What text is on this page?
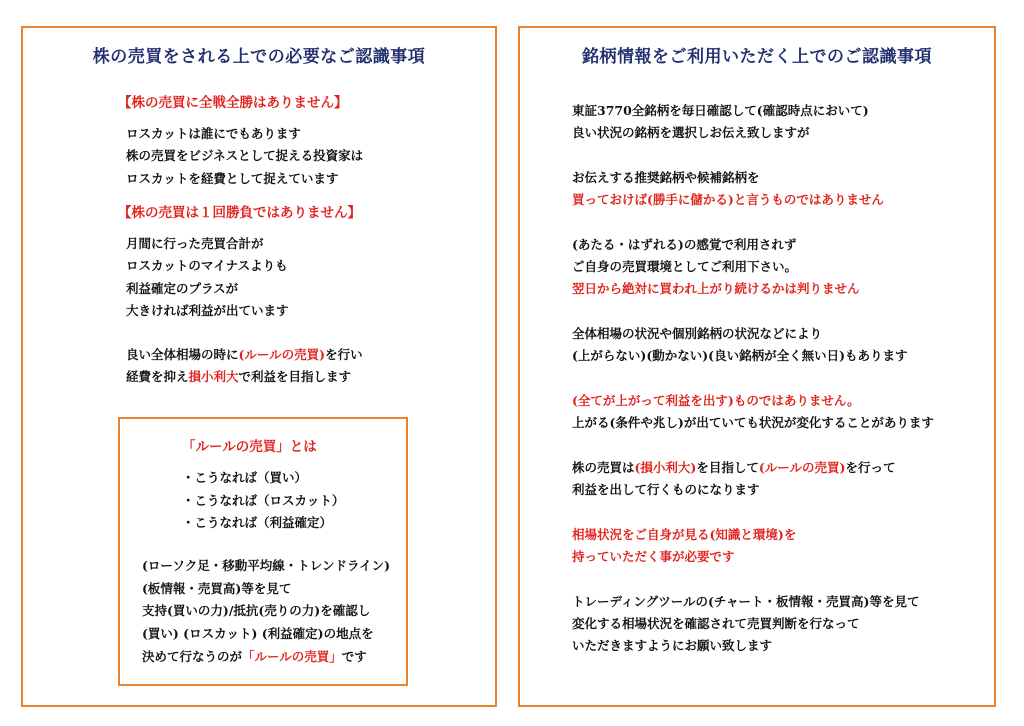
株の売買をされる上での必要なご認識事項
【株の売買に全戦全勝はありません】
ロスカットは誰にでもあります
株の売買をビジネスとして捉える投資家は
ロスカットを経費として捉えています
【株の売買は１回勝負ではありません】
月間に行った売買合計が
ロスカットのマイナスよりも
利益確定のプラスが
大きければ利益が出ています
良い全体相場の時に(ルールの売買)を行い
経費を抑え損小利大で利益を目指します
「ルールの売買」とは
・こうなれば（買い）
・こうなれば（ロスカット）
・こうなれば（利益確定）
(ローソク足・移動平均線・トレンドライン)
(板情報・売買高)等を見て
支持(買いの力)/抵抗(売りの力)を確認し
(買い) (ロスカット) (利益確定)の地点を
決めて行なうのが「ルールの売買」です
銘柄情報をご利用いただく上でのご認識事項
東証3770全銘柄を毎日確認して(確認時点において)
良い状況の銘柄を選択しお伝え致しますが

お伝えする推奨銘柄や候補銘柄を
買っておけば(勝手に儲かる)と言うものではありません

(あたる・はずれる)の感覚で利用されず
ご自身の売買環境としてご利用下さい。
翌日から絶対に買われ上がり続けるかは判りません

全体相場の状況や個別銘柄の状況などにより
(上がらない)(動かない)(良い銘柄が全く無い日)もあります

(全てが上がって利益を出す)ものではありません。
上がる(条件や兆し)が出ていても状況が変化することがあります

株の売買は(損小利大)を目指して(ルールの売買)を行って
利益を出して行くものになります

相場状況をご自身が見る(知識と環境)を
持っていただく事が必要です

トレーディングツールの(チャート・板情報・売買高)等を見て
変化する相場状況を確認されて売買判断を行なって
いただきますようにお願い致します
